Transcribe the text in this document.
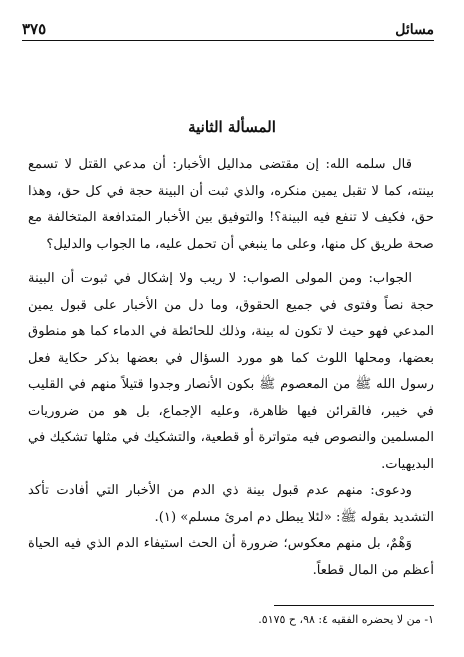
٣٧٥	مسائل
المسألة الثانية

قال سلمه الله: إن مقتضى مداليل الأخبار: أن مدعي القتل لا تسمع بينته، كما لا تقبل يمين منكره، والذي ثبت أن البينة حجة في كل حق، وهذا حق، فكيف لا تنفع فيه البينة؟! والتوفيق بين الأخبار المتدافعة المتخالفة مع صحة طريق كل منها، وعلى ما ينبغي أن تحمل عليه، ما الجواب والدليل؟

الجواب: ومن المولى الصواب: لا ريب ولا إشكال في ثبوت أن البينة حجة نصاً وفتوى في جميع الحقوق، وما دل من الأخبار على قبول يمين المدعي فهو حيث لا تكون له بينة، وذلك للحائطة في الدماء كما هو منطوق بعضها، ومحلها اللوث كما هو مورد السؤال في بعضها بذكر حكاية فعل رسول الله ﷺ من المعصوم ﷺ بكون الأنصار وجدوا قتيلاً منهم في القليب في خيبر، فالقرائن فيها ظاهرة، وعليه الإجماع، بل هو من ضروريات المسلمين والنصوص فيه متواترة أو قطعية، والتشكيك في مثلها تشكيك في البديهيات.

ودعوى: منهم عدم قبول بينة ذي الدم من الأخبار التي أفادت تأكد التشديد بقوله ﷺ: «لئلا يبطل دم امرئ مسلم» (١).

وَهْمٌ، بل منهم معكوس؛ ضرورة أن الحث استيفاء الدم الذي فيه الحياة أعظم من المال قطعاً.

١- من لا يحضره الفقيه ٤: ٩٨، ح ٥١٧٥.
